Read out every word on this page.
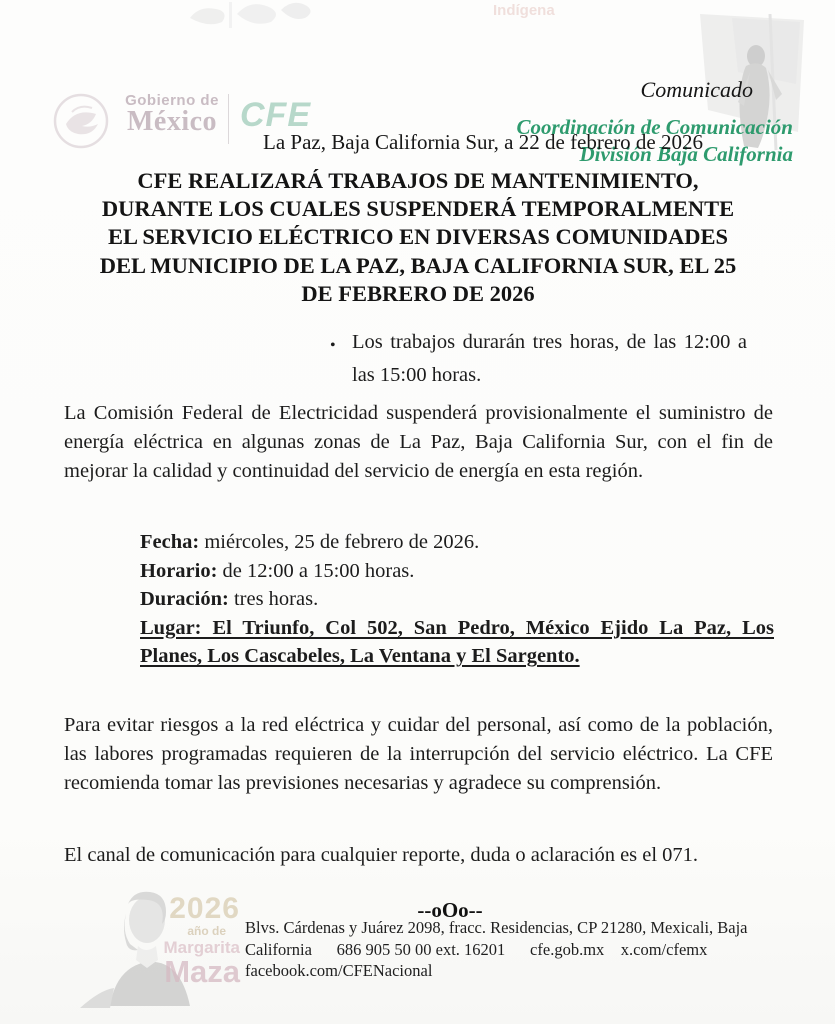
Indígena
Gobierno de
México CFE
Comunicado
Coordinación de Comunicación
División Baja California
La Paz, Baja California Sur, a 22 de febrero de 2026
CFE REALIZARÁ TRABAJOS DE MANTENIMIENTO,
DURANTE LOS CUALES SUSPENDERÁ TEMPORALMENTE
EL SERVICIO ELÉCTRICO EN DIVERSAS COMUNIDADES
DEL MUNICIPIO DE LA PAZ, BAJA CALIFORNIA SUR, EL 25
DE FEBRERO DE 2026
• Los trabajos durarán tres horas, de las 12:00 a las 15:00 horas.
La Comisión Federal de Electricidad suspenderá provisionalmente el suministro de energía eléctrica en algunas zonas de La Paz, Baja California Sur, con el fin de mejorar la calidad y continuidad del servicio de energía en esta región.
Fecha: miércoles, 25 de febrero de 2026.
Horario: de 12:00 a 15:00 horas.
Duración: tres horas.
Lugar: El Triunfo, Col 502, San Pedro, México Ejido La Paz, Los Planes, Los Cascabeles, La Ventana y El Sargento.
Para evitar riesgos a la red eléctrica y cuidar del personal, así como de la población, las labores programadas requieren de la interrupción del servicio eléctrico. La CFE recomienda tomar las previsiones necesarias y agradece su comprensión.
El canal de comunicación para cualquier reporte, duda o aclaración es el 071.
2026
año de
Margarita
Maza
--oOo--
Blvs. Cárdenas y Juárez 2098, fracc. Residencias, CP 21280, Mexicali, Baja
California      686 905 50 00 ext. 16201      cfe.gob.mx    x.com/cfemx
facebook.com/CFENacional
